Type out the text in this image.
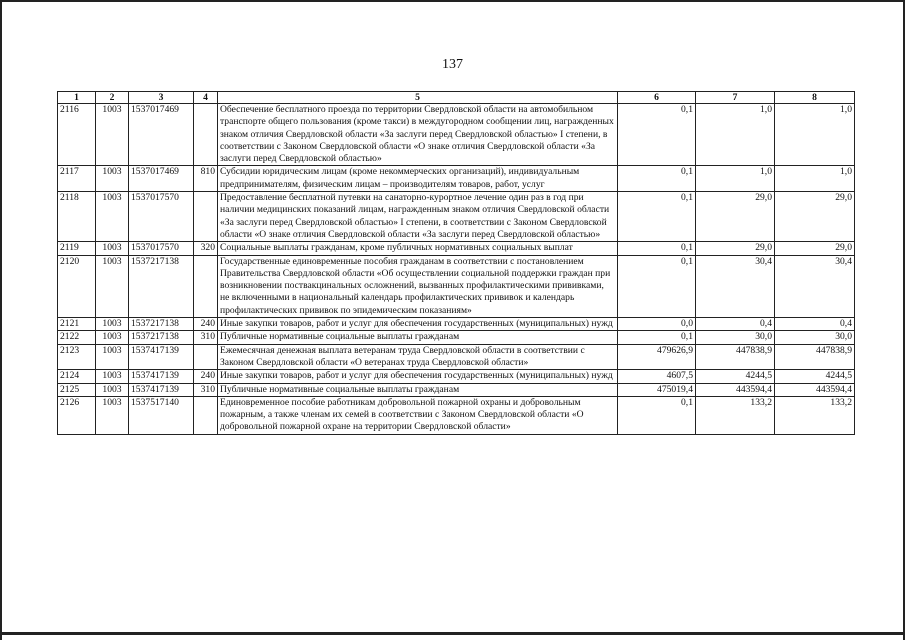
137
1	2	3	4	5	6	7	8
2116	1003	1537017469		Обеспечение бесплатного проезда по территории Свердловской области на автомобильном транспорте общего пользования (кроме такси) в междугородном сообщении лиц, награжденных знаком отличия Свердловской области «За заслуги перед Свердловской областью» I степени, в соответствии с Законом Свердловской области «О знаке отличия Свердловской области «За заслуги перед Свердловской областью»	0,1	1,0	1,0
2117	1003	1537017469	810	Субсидии юридическим лицам (кроме некоммерческих организаций), индивидуальным предпринимателям, физическим лицам – производителям товаров, работ, услуг	0,1	1,0	1,0
2118	1003	1537017570		Предоставление бесплатной путевки на санаторно-курортное лечение один раз в год при наличии медицинских показаний лицам, награжденным знаком отличия Свердловской области «За заслуги перед Свердловской областью» I степени, в соответствии с Законом Свердловской области «О знаке отличия Свердловской области «За заслуги перед Свердловской областью»	0,1	29,0	29,0
2119	1003	1537017570	320	Социальные выплаты гражданам, кроме публичных нормативных социальных выплат	0,1	29,0	29,0
2120	1003	1537217138		Государственные единовременные пособия гражданам в соответствии с постановлением Правительства Свердловской области «Об осуществлении социальной поддержки граждан при возникновении поствакцинальных осложнений, вызванных профилактическими прививками, не включенными в национальный календарь профилактических прививок и календарь профилактических прививок по эпидемическим показаниям»	0,1	30,4	30,4
2121	1003	1537217138	240	Иные закупки товаров, работ и услуг для обеспечения государственных (муниципальных) нужд	0,0	0,4	0,4
2122	1003	1537217138	310	Публичные нормативные социальные выплаты гражданам	0,1	30,0	30,0
2123	1003	1537417139		Ежемесячная денежная выплата ветеранам труда Свердловской области в соответствии с Законом Свердловской области «О ветеранах труда Свердловской области»	479626,9	447838,9	447838,9
2124	1003	1537417139	240	Иные закупки товаров, работ и услуг для обеспечения государственных (муниципальных) нужд	4607,5	4244,5	4244,5
2125	1003	1537417139	310	Публичные нормативные социальные выплаты гражданам	475019,4	443594,4	443594,4
2126	1003	1537517140		Единовременное пособие работникам добровольной пожарной охраны и добровольным пожарным, а также членам их семей в соответствии с Законом Свердловской области «О добровольной пожарной охране на территории Свердловской области»	0,1	133,2	133,2
